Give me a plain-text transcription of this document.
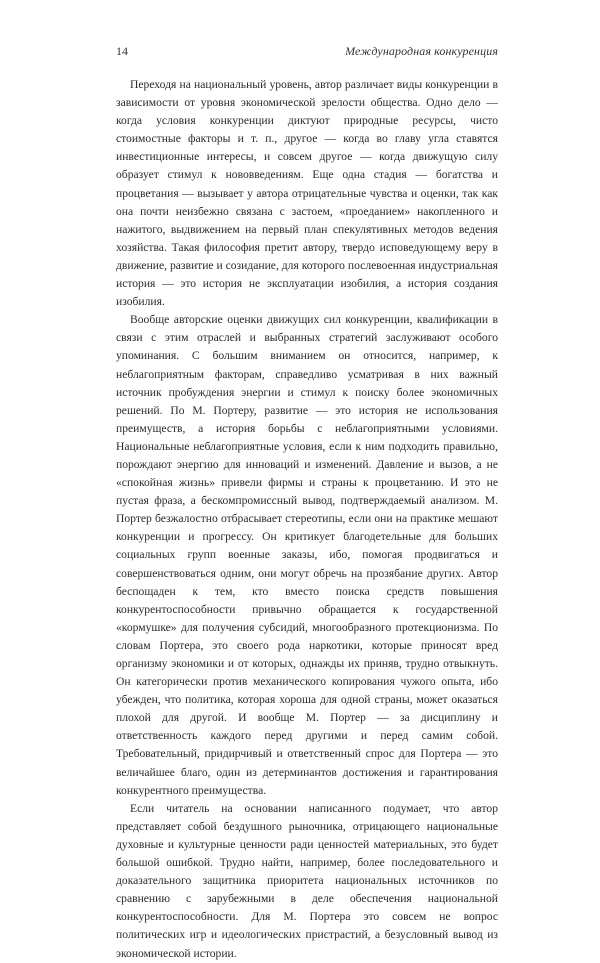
14	Международная конкуренция

Переходя на национальный уровень, автор различает виды конкуренции в зависимости от уровня экономической зрелости общества. Одно дело — когда условия конкуренции диктуют природные ресурсы, чисто стоимостные факторы и т. п., другое — когда во главу угла ставятся инвестиционные интересы, и совсем другое — когда движущую силу образует стимул к нововведениям. Еще одна стадия — богатства и процветания — вызывает у автора отрицательные чувства и оценки, так как она почти неизбежно связана с застоем, «проеданием» накопленного и нажитого, выдвижением на первый план спекулятивных методов ведения хозяйства. Такая философия претит автору, твердо исповедующему веру в движение, развитие и созидание, для которого послевоенная индустриальная история — это история не эксплуатации изобилия, а история создания изобилия.

Вообще авторские оценки движущих сил конкуренции, квалификации в связи с этим отраслей и выбранных стратегий заслуживают особого упоминания. С большим вниманием он относится, например, к неблагоприятным факторам, справедливо усматривая в них важный источник пробуждения энергии и стимул к поиску более экономичных решений. По М. Портеру, развитие — это история не использования преимуществ, а история борьбы с неблагоприятными условиями. Национальные неблагоприятные условия, если к ним подходить правильно, порождают энергию для инноваций и изменений. Давление и вызов, а не «спокойная жизнь» привели фирмы и страны к процветанию. И это не пустая фраза, а бескомпромиссный вывод, подтверждаемый анализом. М. Портер безжалостно отбрасывает стереотипы, если они на практике мешают конкуренции и прогрессу. Он критикует благодетельные для больших социальных групп военные заказы, ибо, помогая продвигаться и совершенствоваться одним, они могут обречь на прозябание других. Автор беспощаден к тем, кто вместо поиска средств повышения конкурентоспособности привычно обращается к государственной «кормушке» для получения субсидий, многообразного протекционизма. По словам Портера, это своего рода наркотики, которые приносят вред организму экономики и от которых, однажды их приняв, трудно отвыкнуть. Он категорически против механического копирования чужого опыта, ибо убежден, что политика, которая хороша для одной страны, может оказаться плохой для другой. И вообще М. Портер — за дисциплину и ответственность каждого перед другими и перед самим собой. Требовательный, придирчивый и ответственный спрос для Портера — это величайшее благо, один из детерминантов достижения и гарантирования конкурентного преимущества.

Если читатель на основании написанного подумает, что автор представляет собой бездушного рыночника, отрицающего национальные духовные и культурные ценности ради ценностей материальных, это будет большой ошибкой. Трудно найти, например, более последовательного и доказательного защитника приоритета национальных источников по сравнению с зарубежными в деле обеспечения национальной конкурентоспособности. Для М. Портера это совсем не вопрос политических игр и идеологических пристрастий, а безусловный вывод из экономической истории.
